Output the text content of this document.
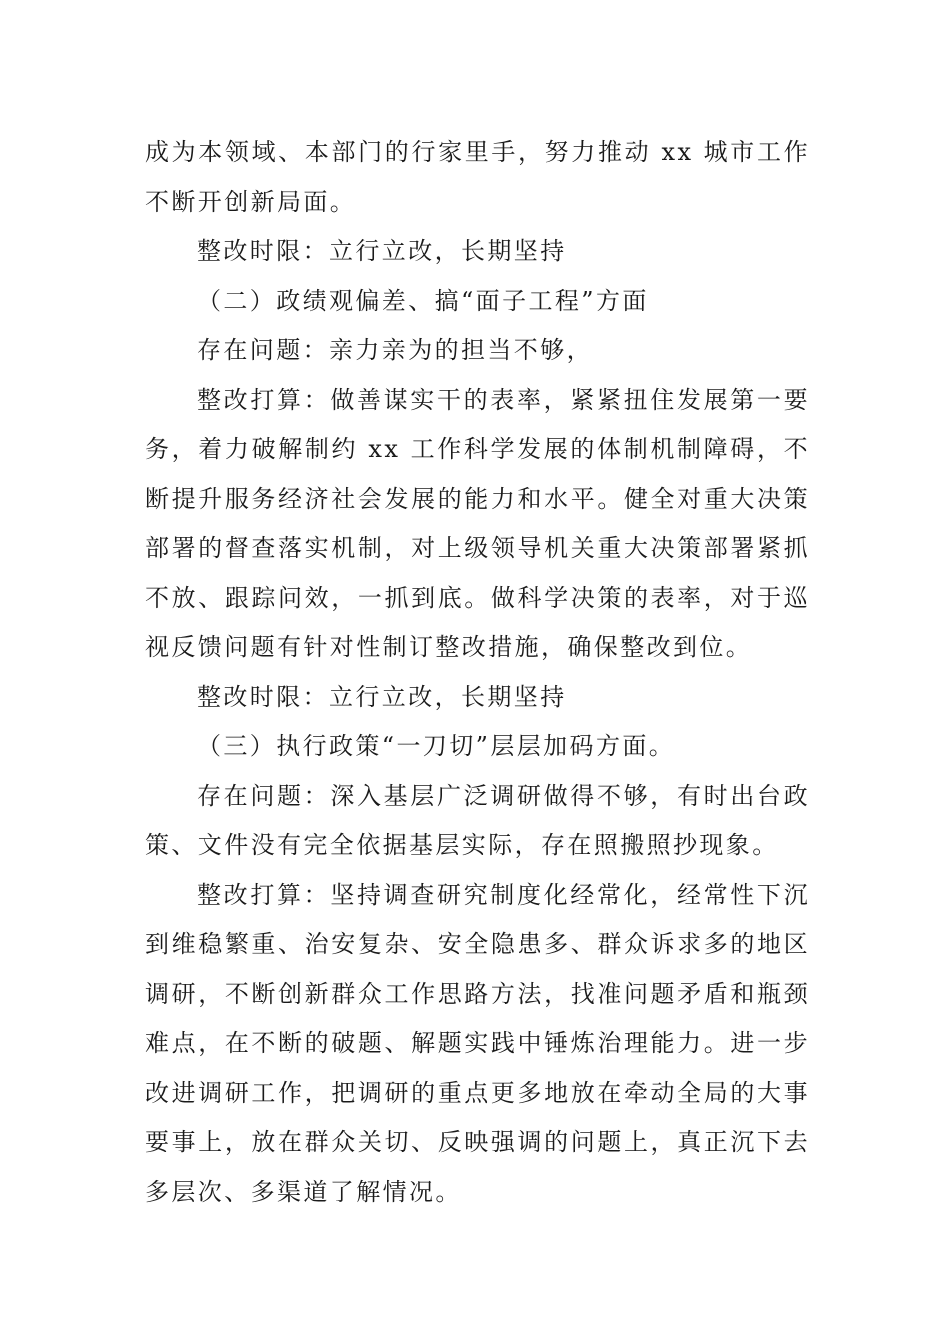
成为本领域、本部门的行家里手，努力推动 xx 城市工作不断开创新局面。

整改时限：立行立改，长期坚持

（二）政绩观偏差、搞“面子工程”方面

存在问题：亲力亲为的担当不够，

整改打算：做善谋实干的表率，紧紧扭住发展第一要务，着力破解制约 xx 工作科学发展的体制机制障碍，不断提升服务经济社会发展的能力和水平。健全对重大决策部署的督查落实机制，对上级领导机关重大决策部署紧抓不放、跟踪问效，一抓到底。做科学决策的表率，对于巡视反馈问题有针对性制订整改措施，确保整改到位。

整改时限：立行立改，长期坚持

（三）执行政策“一刀切”层层加码方面。

存在问题：深入基层广泛调研做得不够，有时出台政策、文件没有完全依据基层实际，存在照搬照抄现象。

整改打算：坚持调查研究制度化经常化，经常性下沉到维稳繁重、治安复杂、安全隐患多、群众诉求多的地区调研，不断创新群众工作思路方法，找准问题矛盾和瓶颈难点，在不断的破题、解题实践中锤炼治理能力。进一步改进调研工作，把调研的重点更多地放在牵动全局的大事要事上，放在群众关切、反映强调的问题上，真正沉下去多层次、多渠道了解情况。
